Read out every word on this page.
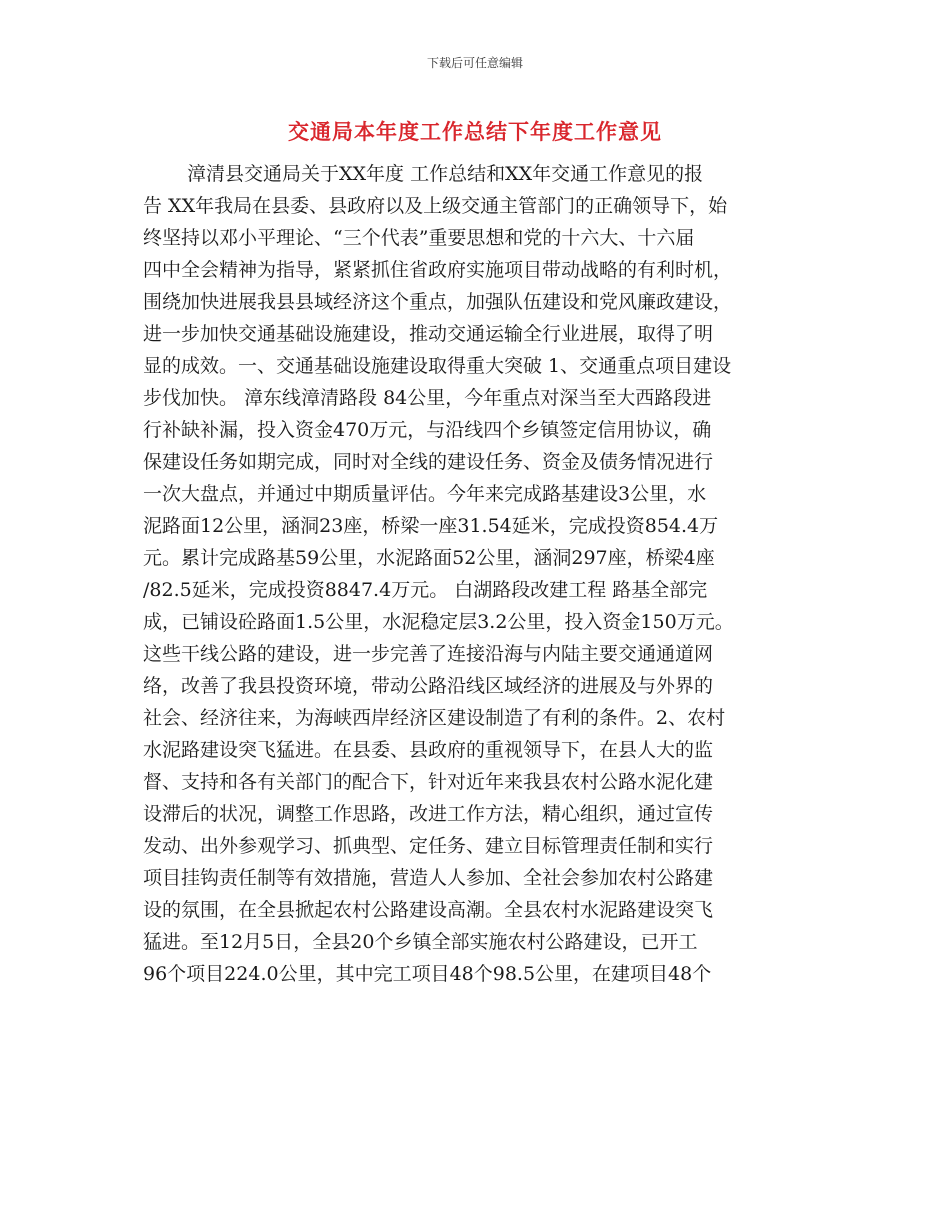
下载后可任意编辑
交通局本年度工作总结下年度工作意见
漳清县交通局关于XX年度 工作总结和XX年交通工作意见的报
告 XX年我局在县委、县政府以及上级交通主管部门的正确领导下，始
终坚持以邓小平理论、“三个代表”重要思想和党的十六大、十六届
四中全会精神为指导，紧紧抓住省政府实施项目带动战略的有利时机，
围绕加快进展我县县域经济这个重点，加强队伍建设和党风廉政建设，
进一步加快交通基础设施建设，推动交通运输全行业进展，取得了明
显的成效。一、交通基础设施建设取得重大突破 1、交通重点项目建设
步伐加快。 漳东线漳清路段 84公里，今年重点对深当至大西路段进
行补缺补漏，投入资金470万元，与沿线四个乡镇签定信用协议，确
保建设任务如期完成，同时对全线的建设任务、资金及债务情况进行
一次大盘点，并通过中期质量评估。今年来完成路基建设3公里，水
泥路面12公里，涵洞23座，桥梁一座31.54延米，完成投资854.4万
元。累计完成路基59公里，水泥路面52公里，涵洞297座，桥梁4座
/82.5延米，完成投资8847.4万元。 白湖路段改建工程 路基全部完
成，已铺设砼路面1.5公里，水泥稳定层3.2公里，投入资金150万元。
这些干线公路的建设，进一步完善了连接沿海与内陆主要交通通道网
络，改善了我县投资环境，带动公路沿线区域经济的进展及与外界的
社会、经济往来，为海峡西岸经济区建设制造了有利的条件。2、农村
水泥路建设突飞猛进。在县委、县政府的重视领导下，在县人大的监
督、支持和各有关部门的配合下，针对近年来我县农村公路水泥化建
设滞后的状况，调整工作思路，改进工作方法，精心组织，通过宣传
发动、出外参观学习、抓典型、定任务、建立目标管理责任制和实行
项目挂钩责任制等有效措施，营造人人参加、全社会参加农村公路建
设的氛围，在全县掀起农村公路建设高潮。全县农村水泥路建设突飞
猛进。至12月5日，全县20个乡镇全部实施农村公路建设，已开工
96个项目224.0公里，其中完工项目48个98.5公里，在建项目48个
